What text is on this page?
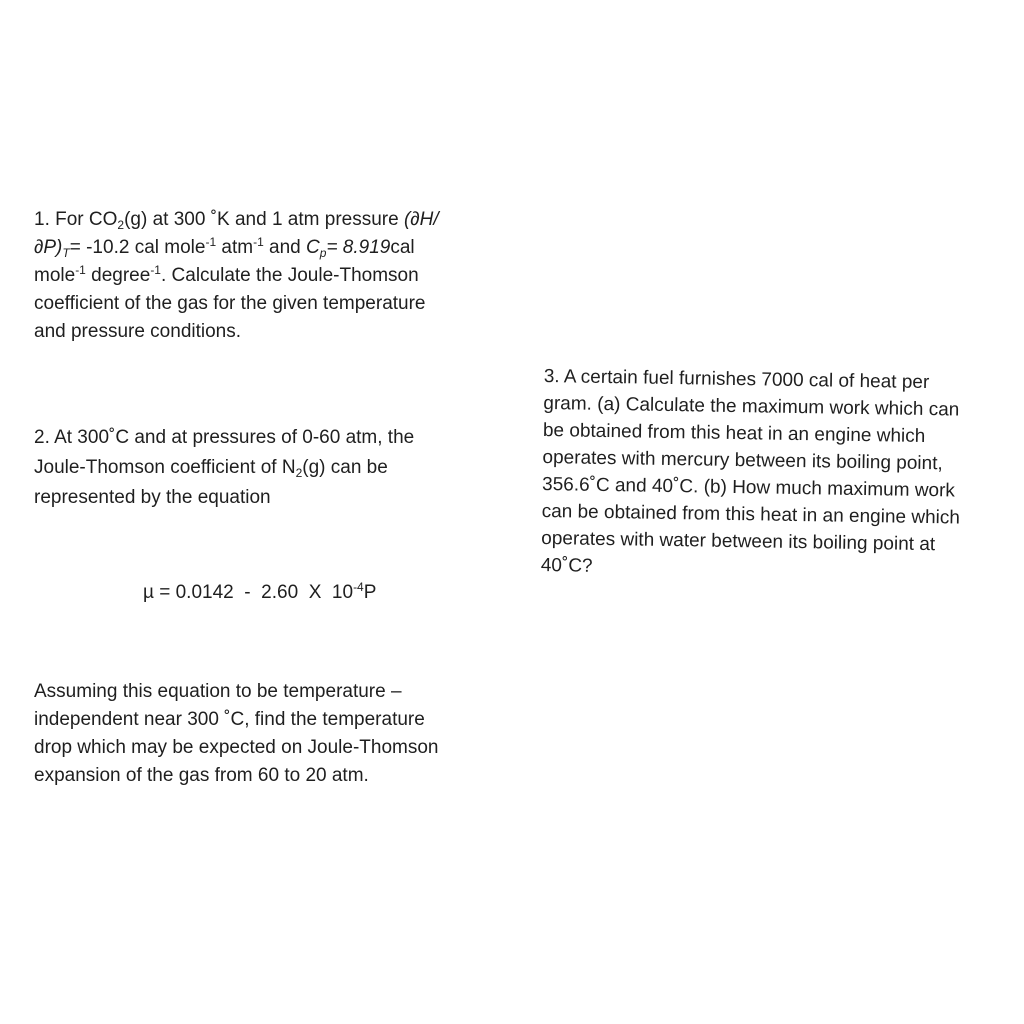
1. For $CO_2(g)$ at 300 ˚K and 1 atm pressure (∂H/
$\partial P)_T= -10.2$ cal mole$^{-1}$ atm$^{-1}$ and $C_p= 8.919cal$
mole$^{-1}$ degree$^{-1}$. Calculate the Joule-Thomson
coefficient of the gas for the given temperature
and pressure conditions.
2. At 300˚C and at pressures of 0-60 atm, the
Joule-Thomson coefficient of $N_2(g)$ can be
represented by the equation
µ = 0.0142  -  2.60  X  $10^{-4}P$
Assuming this equation to be temperature –
independent near 300 ˚C, find the temperature
drop which may be expected on Joule-Thomson
expansion of the gas from 60 to 20 atm.
3. A certain fuel furnishes 7000 cal of heat per
gram. (a) Calculate the maximum work which can
be obtained from this heat in an engine which
operates with mercury between its boiling point,
356.6˚C and 40˚C. (b) How much maximum work
can be obtained from this heat in an engine which
operates with water between its boiling point at
40˚C?
